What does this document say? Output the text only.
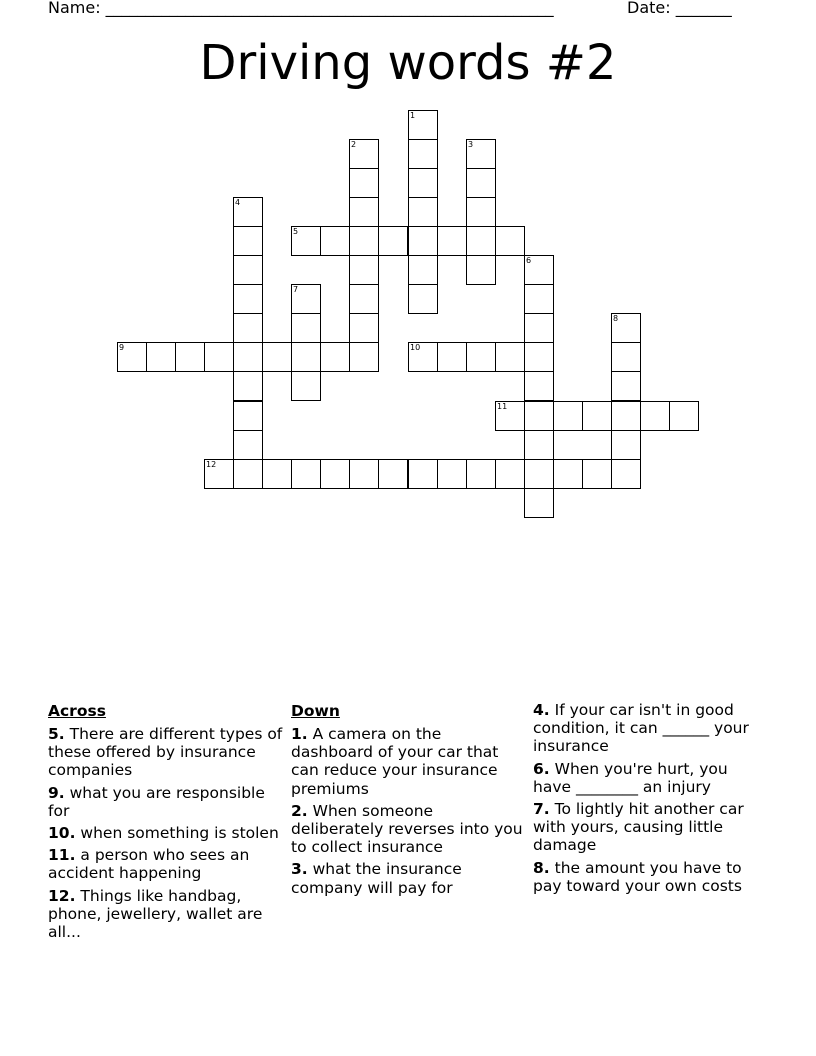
Name: ________________________________________________________	Date: _______
Driving words #2
1
2	3
4
5
6
7
8
9	10
11
12
Across
5. There are different types of these offered by insurance companies
9. what you are responsible for
10. when something is stolen
11. a person who sees an accident happening
12. Things like handbag, phone, jewellery, wallet are all...
Down
1. A camera on the dashboard of your car that can reduce your insurance premiums
2. When someone deliberately reverses into you to collect insurance
3. what the insurance company will pay for
4. If your car isn't in good condition, it can ______ your insurance
6. When you're hurt, you have ________ an injury
7. To lightly hit another car with yours, causing little damage
8. the amount you have to pay toward your own costs
